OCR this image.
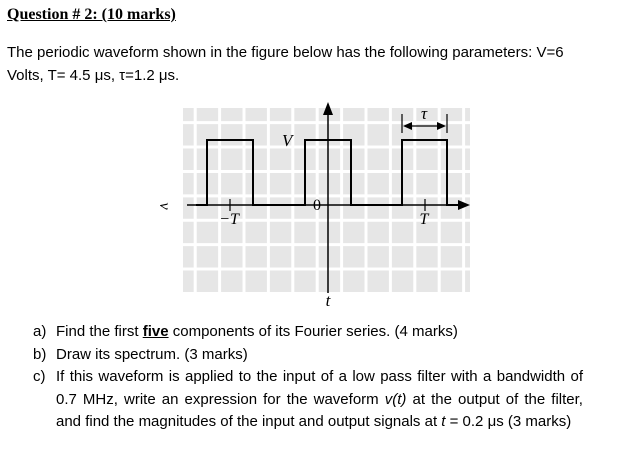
Question # 2: (10 marks)
The periodic waveform shown in the figure below has the following parameters: V=6
Volts, T= 4.5 μs, τ=1.2 μs.
v
V
−T
0
T
τ
t
a) Find the first five components of its Fourier series. (4 marks)
b) Draw its spectrum. (3 marks)
c) If this waveform is applied to the input of a low pass filter with a bandwidth of 0.7 MHz, write an expression for the waveform v(t) at the output of the filter, and find the magnitudes of the input and output signals at t = 0.2 μs (3 marks)
